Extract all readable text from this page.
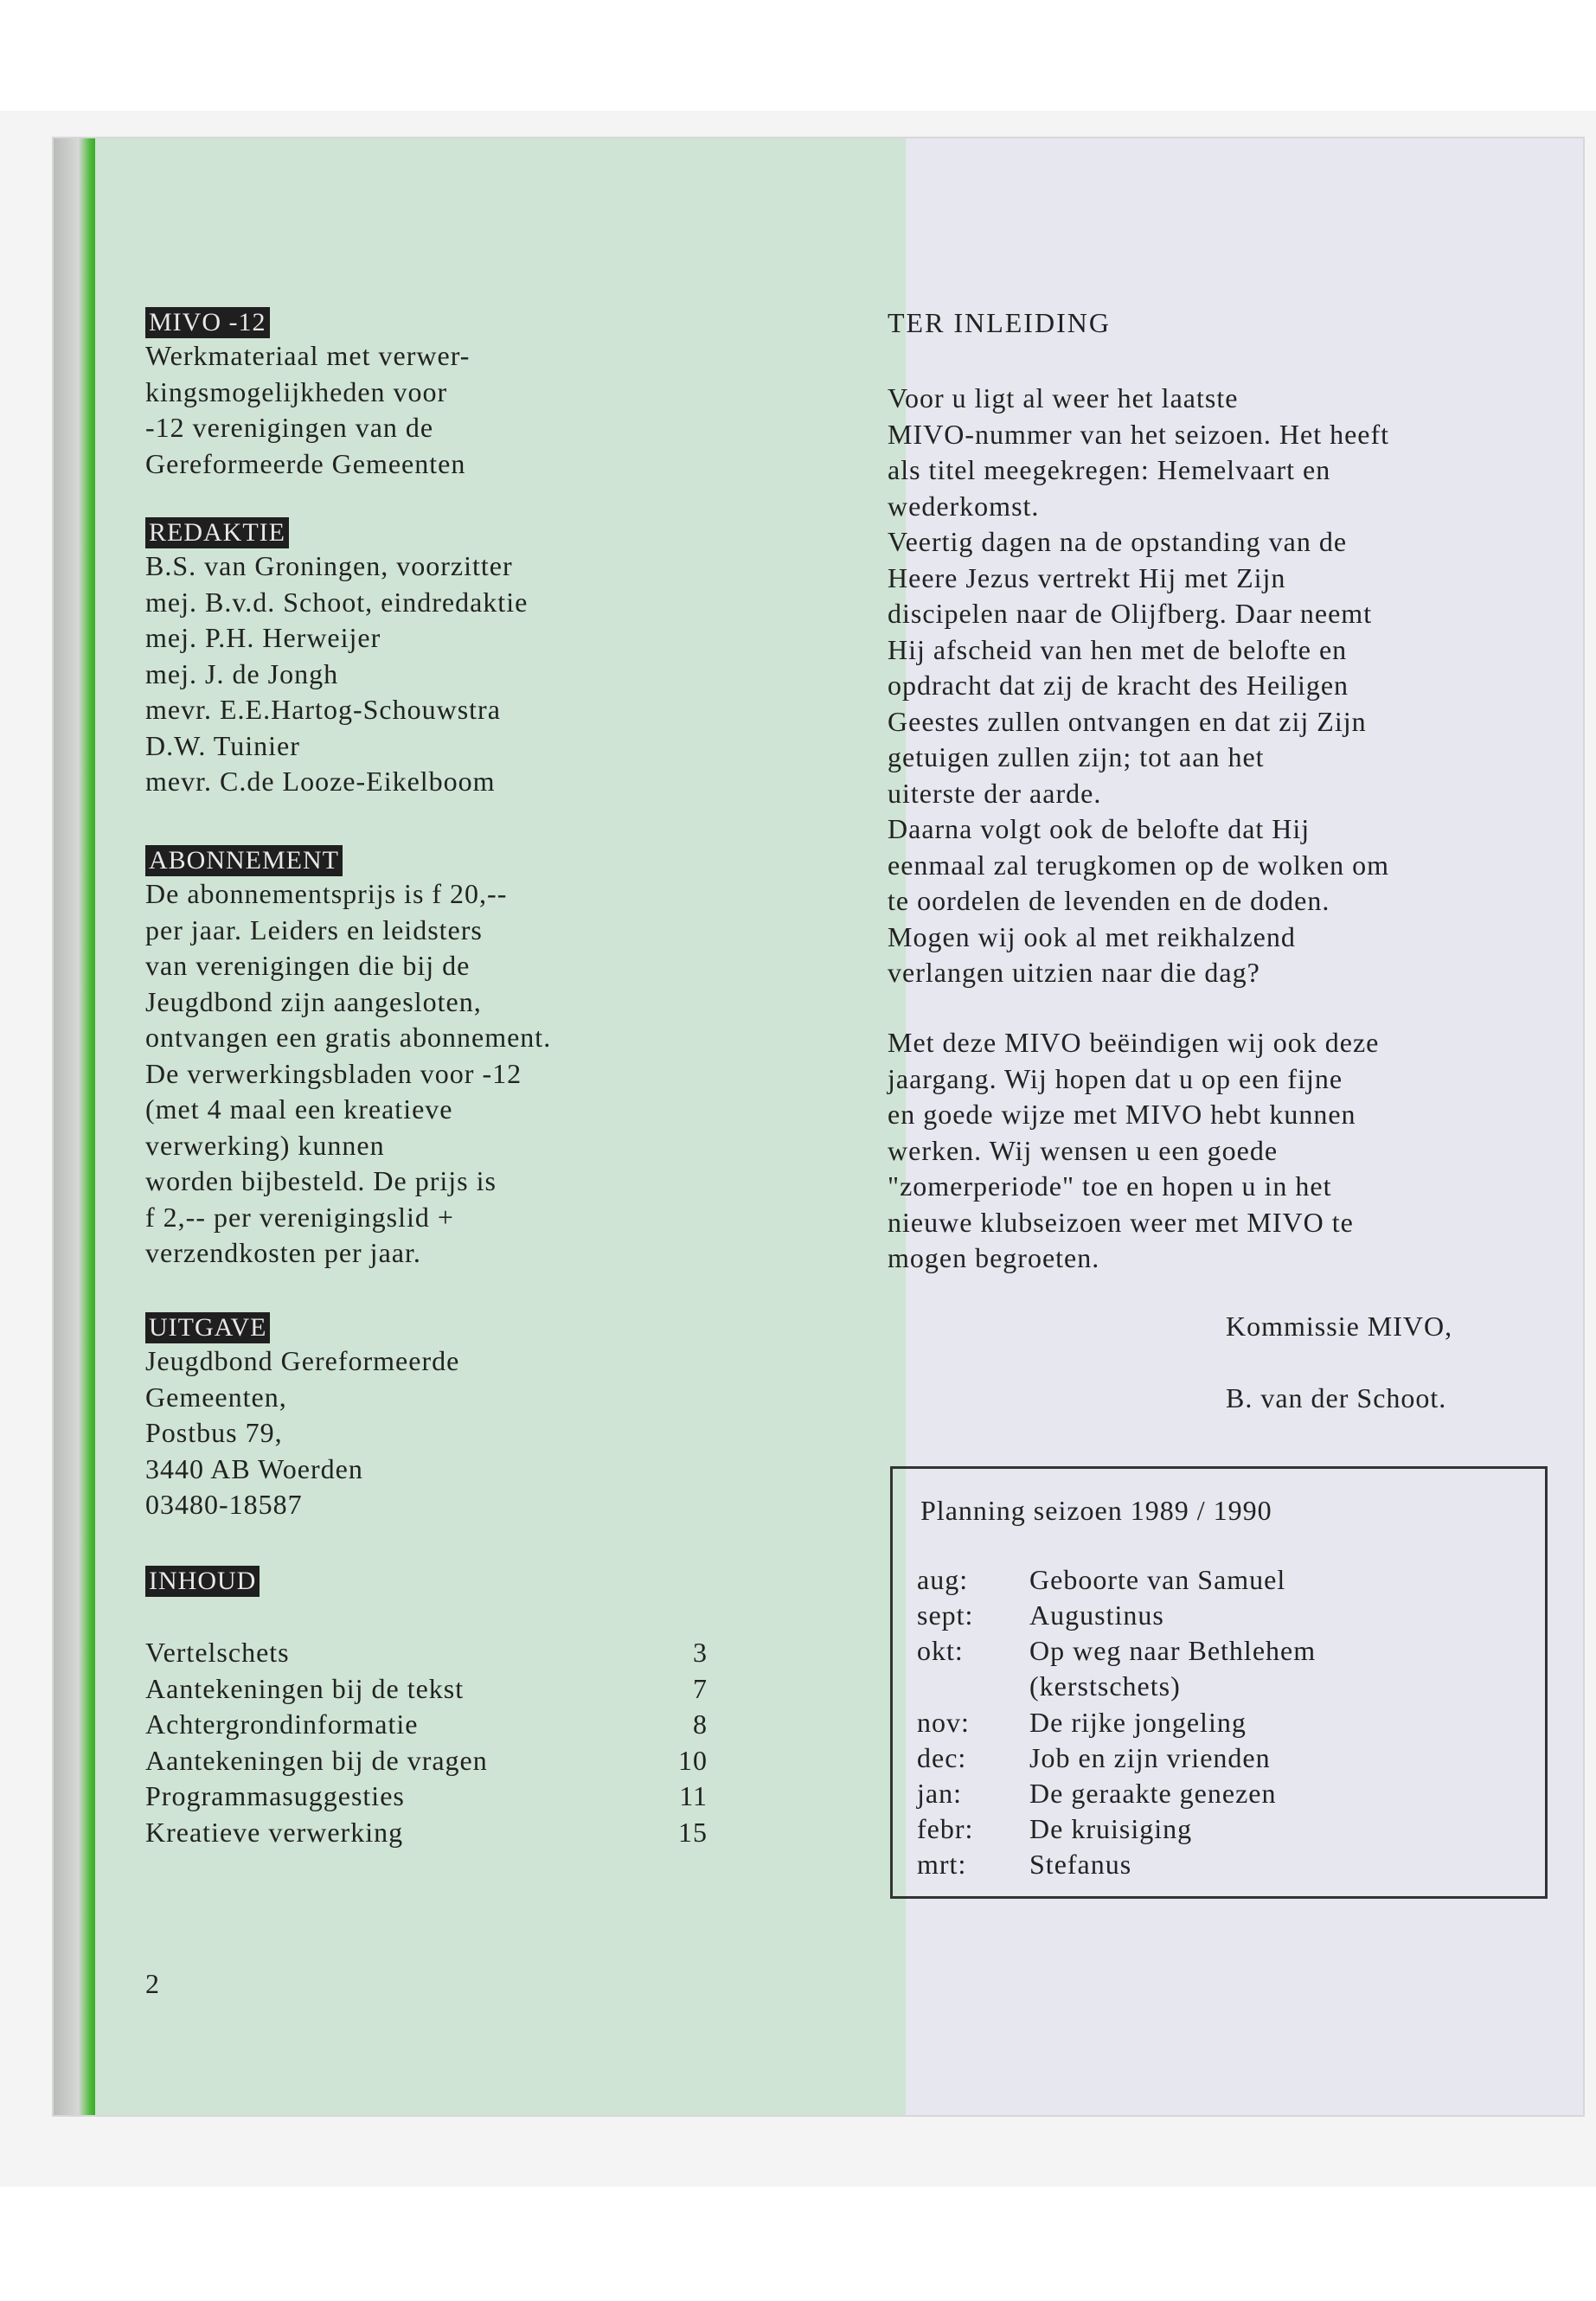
MIVO -12
Werkmateriaal met verwer-
kingsmogelijkheden voor
-12 verenigingen van de
Gereformeerde Gemeenten
REDAKTIE
B.S. van Groningen, voorzitter
mej. B.v.d. Schoot, eindredaktie
mej. P.H. Herweijer
mej. J. de Jongh
mevr. E.E.Hartog-Schouwstra
D.W. Tuinier
mevr. C.de Looze-Eikelboom
ABONNEMENT
De abonnementsprijs is f 20,--
per jaar. Leiders en leidsters
van verenigingen die bij de
Jeugdbond zijn aangesloten,
ontvangen een gratis abonnement.
De verwerkingsbladen voor -12
(met 4 maal een kreatieve
verwerking) kunnen
worden bijbesteld. De prijs is
f 2,-- per verenigingslid +
verzendkosten per jaar.
UITGAVE
Jeugdbond Gereformeerde
Gemeenten,
Postbus 79,
3440 AB Woerden
03480-18587
INHOUD
Vertelschets	3
Aantekeningen bij de tekst	7
Achtergrondinformatie	8
Aantekeningen bij de vragen	10
Programmasuggesties	11
Kreatieve verwerking	15
2
TER INLEIDING
Voor u ligt al weer het laatste
MIVO-nummer van het seizoen. Het heeft
als titel meegekregen: Hemelvaart en
wederkomst.
Veertig dagen na de opstanding van de
Heere Jezus vertrekt Hij met Zijn
discipelen naar de Olijfberg. Daar neemt
Hij afscheid van hen met de belofte en
opdracht dat zij de kracht des Heiligen
Geestes zullen ontvangen en dat zij Zijn
getuigen zullen zijn; tot aan het
uiterste der aarde.
Daarna volgt ook de belofte dat Hij
eenmaal zal terugkomen op de wolken om
te oordelen de levenden en de doden.
Mogen wij ook al met reikhalzend
verlangen uitzien naar die dag?
Met deze MIVO beëindigen wij ook deze
jaargang. Wij hopen dat u op een fijne
en goede wijze met MIVO hebt kunnen
werken. Wij wensen u een goede
"zomerperiode" toe en hopen u in het
nieuwe klubseizoen weer met MIVO te
mogen begroeten.
Kommissie MIVO,
B. van der Schoot.
Planning seizoen 1989 / 1990
aug:	Geboorte van Samuel
sept:	Augustinus
okt:	Op weg naar Bethlehem
(kerstschets)
nov:	De rijke jongeling
dec:	Job en zijn vrienden
jan:	De geraakte genezen
febr:	De kruisiging
mrt:	Stefanus
